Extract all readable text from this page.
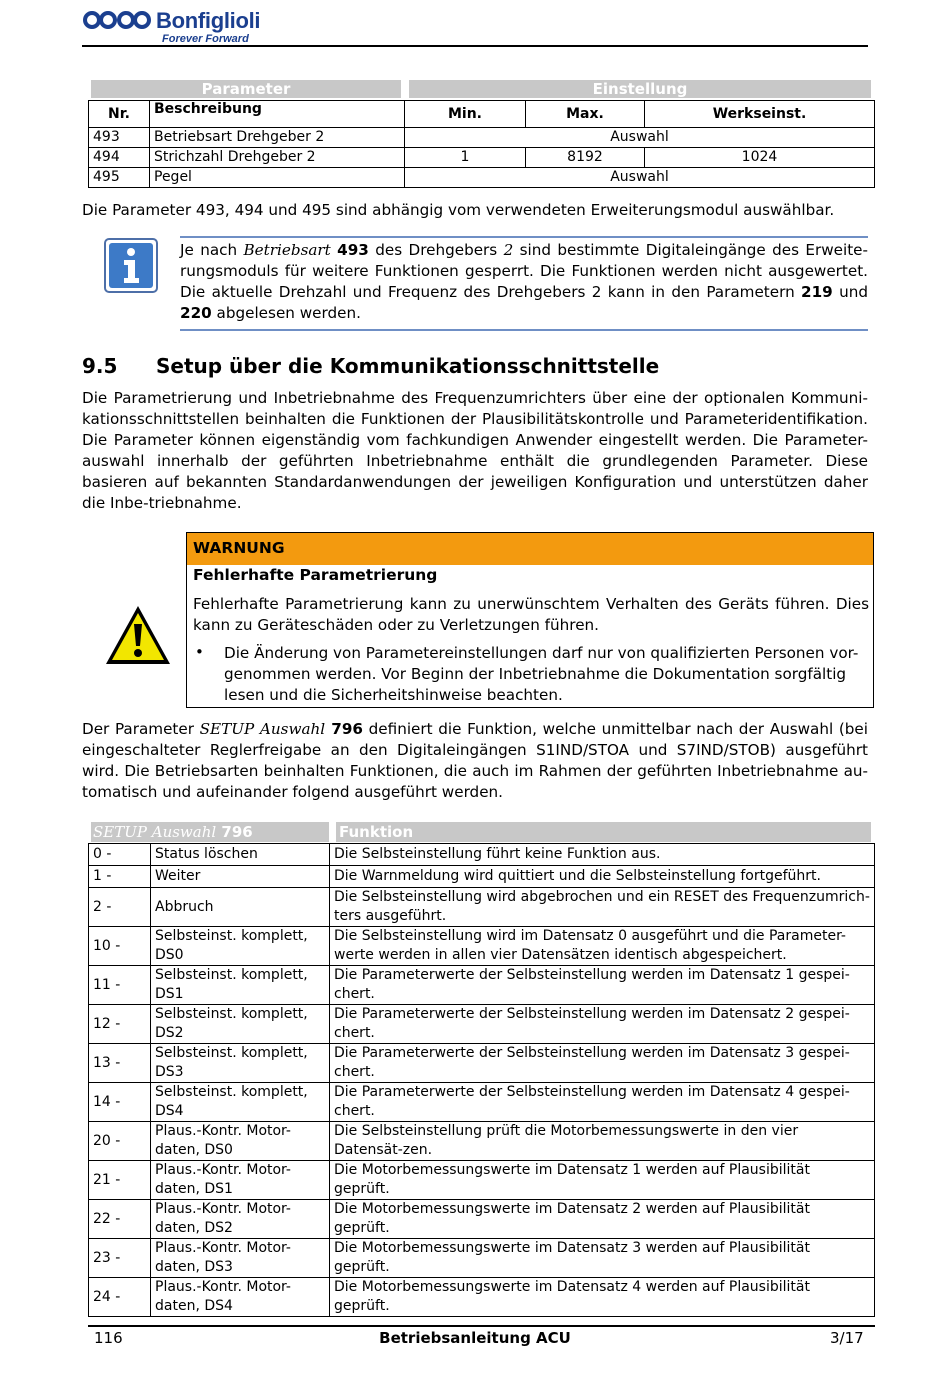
Bonfiglioli
Forever Forward
Parameter	Einstellung
Nr.	Beschreibung	Min.	Max.	Werkseinst.
493	Betriebsart Drehgeber 2	Auswahl		
494	Strichzahl Drehgeber 2	1	8192	1024
495	Pegel	Auswahl		

Die Parameter 493, 494 und 495 sind abhängig vom verwendeten Erweiterungsmodul auswählbar.

Je nach Betriebsart 493 des Drehgebers 2 sind bestimmte Digitaleingänge des Erweite-rungsmoduls für weitere Funktionen gesperrt. Die Funktionen werden nicht ausgewertet. Die aktuelle Drehzahl und Frequenz des Drehgebers 2 kann in den Parametern 219 und 220 abgelesen werden.

9.5 Setup über die Kommunikationsschnittstelle

Die Parametrierung und Inbetriebnahme des Frequenzumrichters über eine der optionalen Kommuni-kationsschnittstellen beinhalten die Funktionen der Plausibilitätskontrolle und Parameteridentifikation. Die Parameter können eigenständig vom fachkundigen Anwender eingestellt werden. Die Parameter-auswahl innerhalb der geführten Inbetriebnahme enthält die grundlegenden Parameter. Diese basieren auf bekannten Standardanwendungen der jeweiligen Konfiguration und unterstützen daher die Inbe-triebnahme.

WARNUNG
Fehlerhafte Parametrierung

Fehlerhafte Parametrierung kann zu unerwünschtem Verhalten des Geräts führen. Dies kann zu Geräteschäden oder zu Verletzungen führen.

• Die Änderung von Parametereinstellungen darf nur von qualifizierten Personen vor-genommen werden. Vor Beginn der Inbetriebnahme die Dokumentation sorgfältig lesen und die Sicherheitshinweise beachten.

Der Parameter SETUP Auswahl 796 definiert die Funktion, welche unmittelbar nach der Auswahl (bei eingeschalteter Reglerfreigabe an den Digitaleingängen S1IND/STOA und S7IND/STOB) ausgeführt wird. Die Betriebsarten beinhalten Funktionen, die auch im Rahmen der geführten Inbetriebnahme au-tomatisch und aufeinander folgend ausgeführt werden.

SETUP Auswahl 796	Funktion
0 -	Status löschen	Die Selbsteinstellung führt keine Funktion aus.
1 -	Weiter	Die Warnmeldung wird quittiert und die Selbsteinstellung fortgeführt.
2 -	Abbruch	Die Selbsteinstellung wird abgebrochen und ein RESET des Frequenzumrich-ters ausgeführt.
10 -	Selbsteinst. komplett, DS0	Die Selbsteinstellung wird im Datensatz 0 ausgeführt und die Parameter-werte werden in allen vier Datensätzen identisch abgespeichert.
11 -	Selbsteinst. komplett, DS1	Die Parameterwerte der Selbsteinstellung werden im Datensatz 1 gespei-chert.
12 -	Selbsteinst. komplett, DS2	Die Parameterwerte der Selbsteinstellung werden im Datensatz 2 gespei-chert.
13 -	Selbsteinst. komplett, DS3	Die Parameterwerte der Selbsteinstellung werden im Datensatz 3 gespei-chert.
14 -	Selbsteinst. komplett, DS4	Die Parameterwerte der Selbsteinstellung werden im Datensatz 4 gespei-chert.
20 -	Plaus.-Kontr. Motor-daten, DS0	Die Selbsteinstellung prüft die Motorbemessungswerte in den vier Datensät-zen.
21 -	Plaus.-Kontr. Motor-daten, DS1	Die Motorbemessungswerte im Datensatz 1 werden auf Plausibilität geprüft.
22 -	Plaus.-Kontr. Motor-daten, DS2	Die Motorbemessungswerte im Datensatz 2 werden auf Plausibilität geprüft.
23 -	Plaus.-Kontr. Motor-daten, DS3	Die Motorbemessungswerte im Datensatz 3 werden auf Plausibilität geprüft.
24 -	Plaus.-Kontr. Motor-daten, DS4	Die Motorbemessungswerte im Datensatz 4 werden auf Plausibilität geprüft.
Betriebsanleitung ACU
116	3/17
